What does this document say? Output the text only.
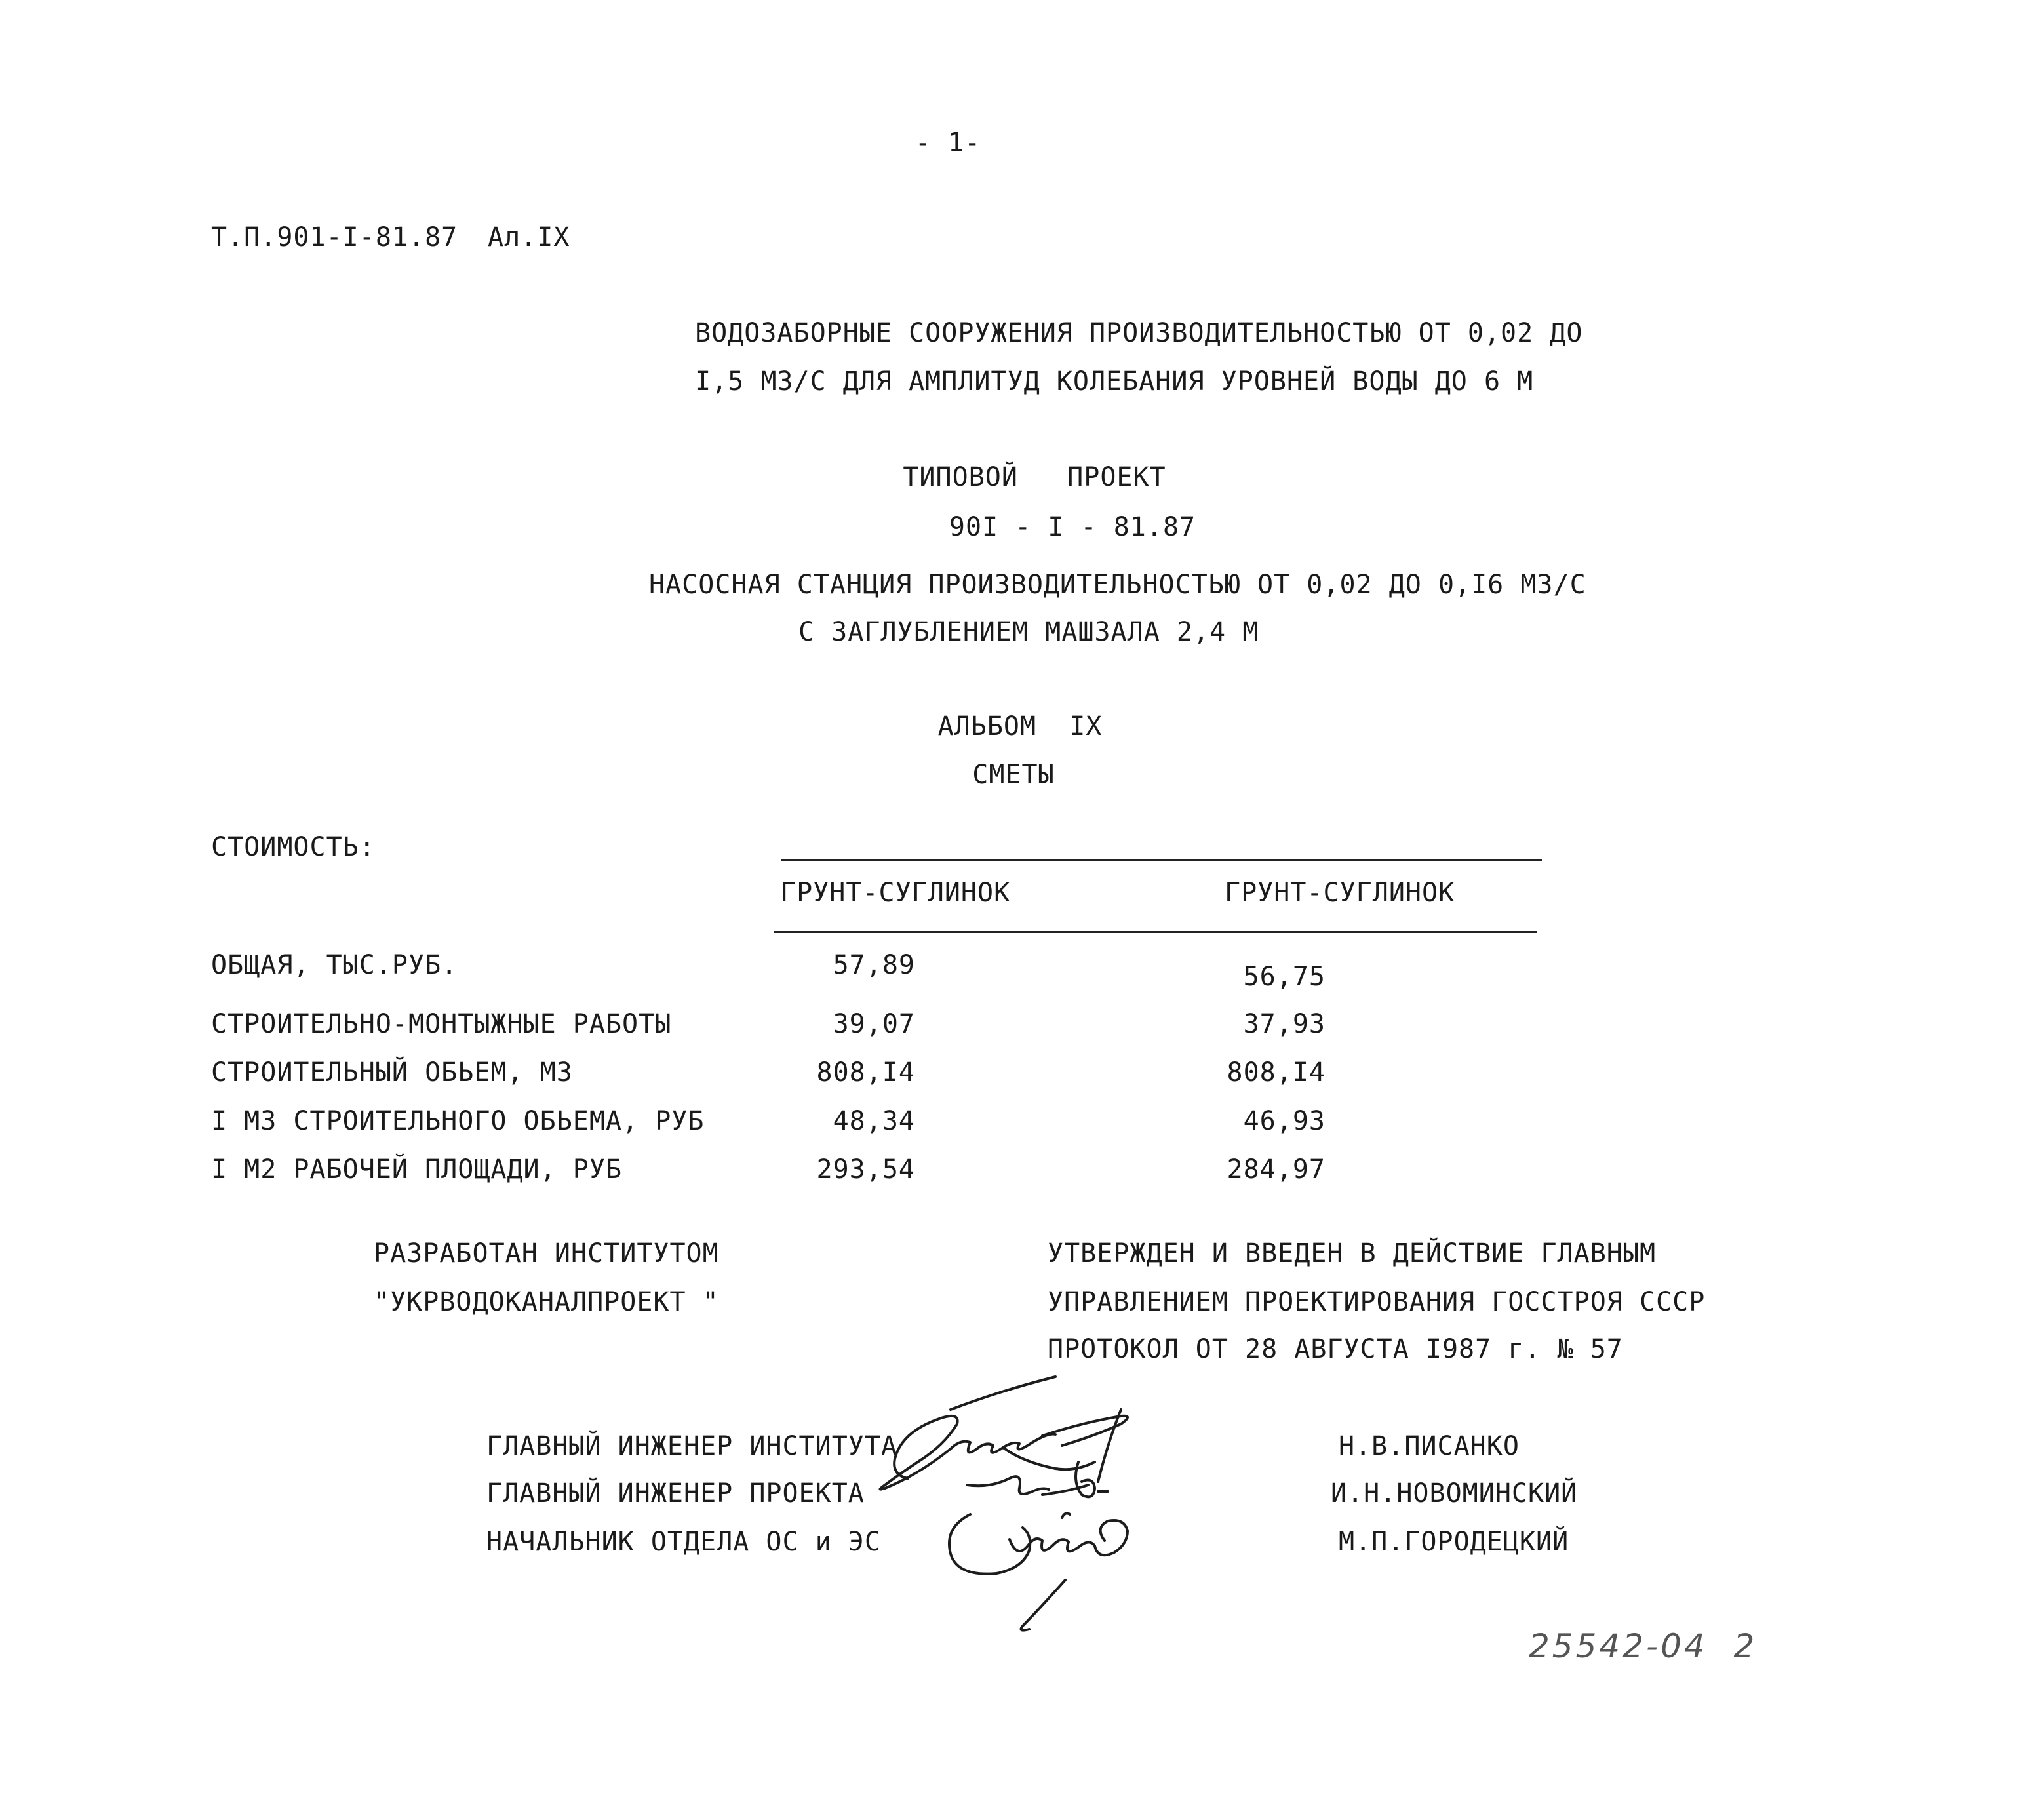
- 1-
Т.П.901-I-81.87 Ал.IX
ВОДОЗАБОРНЫЕ СООРУЖЕНИЯ ПРОИЗВОДИТЕЛЬНОСТЬЮ ОТ 0,02 ДО
I,5 М3/С ДЛЯ АМПЛИТУД КОЛЕБАНИЯ УРОВНЕЙ ВОДЫ ДО 6 М
ТИПОВОЙ   ПРОЕКТ
90I - I - 81.87
НАСОСНАЯ СТАНЦИЯ ПРОИЗВОДИТЕЛЬНОСТЬЮ ОТ 0,02 ДО 0,I6 М3/С
С ЗАГЛУБЛЕНИЕМ МАШЗАЛА 2,4 М
АЛЬБОМ  IX
СМЕТЫ
СТОИМОСТЬ:
ГРУНТ-СУГЛИНОК	ГРУНТ-СУГЛИНОК
ОБЩАЯ, ТЫС.РУБ.	57,89	56,75
СТРОИТЕЛЬНО-МОНТЫЖНЫЕ РАБОТЫ	39,07	37,93
СТРОИТЕЛЬНЫЙ ОБЬЕМ, М3	808,I4	808,I4
I М3 СТРОИТЕЛЬНОГО ОБЬЕМА, РУБ	48,34	46,93
I М2 РАБОЧЕЙ ПЛОЩАДИ, РУБ	293,54	284,97
РАЗРАБОТАН ИНСТИТУТОМ
"УКРВОДОКАНАЛПРОЕКТ "
УТВЕРЖДЕН И ВВЕДЕН В ДЕЙСТВИЕ ГЛАВНЫМ
УПРАВЛЕНИЕМ ПРОЕКТИРОВАНИЯ ГОССТРОЯ СССР
ПРОТОКОЛ ОТ 28 АВГУСТА I987 г. № 57
ГЛАВНЫЙ ИНЖЕНЕР ИНСТИТУТА	Н.В.ПИСАНКО
ГЛАВНЫЙ ИНЖЕНЕР ПРОЕКТА	И.Н.НОВОМИНСКИЙ
НАЧАЛЬНИК ОТДЕЛА ОС и ЭС	М.П.ГОРОДЕЦКИЙ
25542-04  2
